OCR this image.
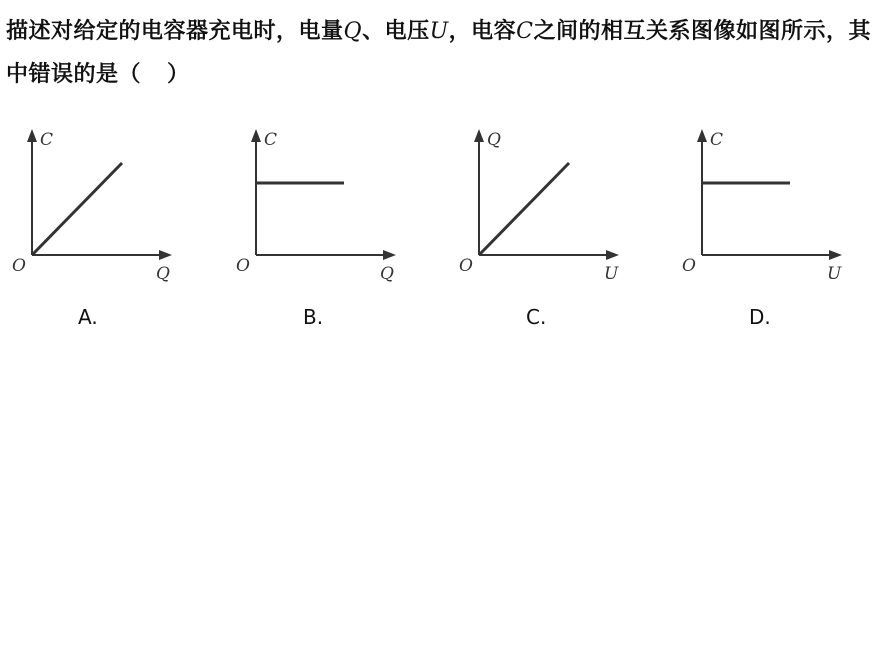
描述对给定的电容器充电时，电量Q、电压U，电容C之间的相互关系图像如图所示，其中错误的是（ ）
C
Q
O
A.
C
Q
O
B.
Q
U
O
C.
C
U
O
D.
